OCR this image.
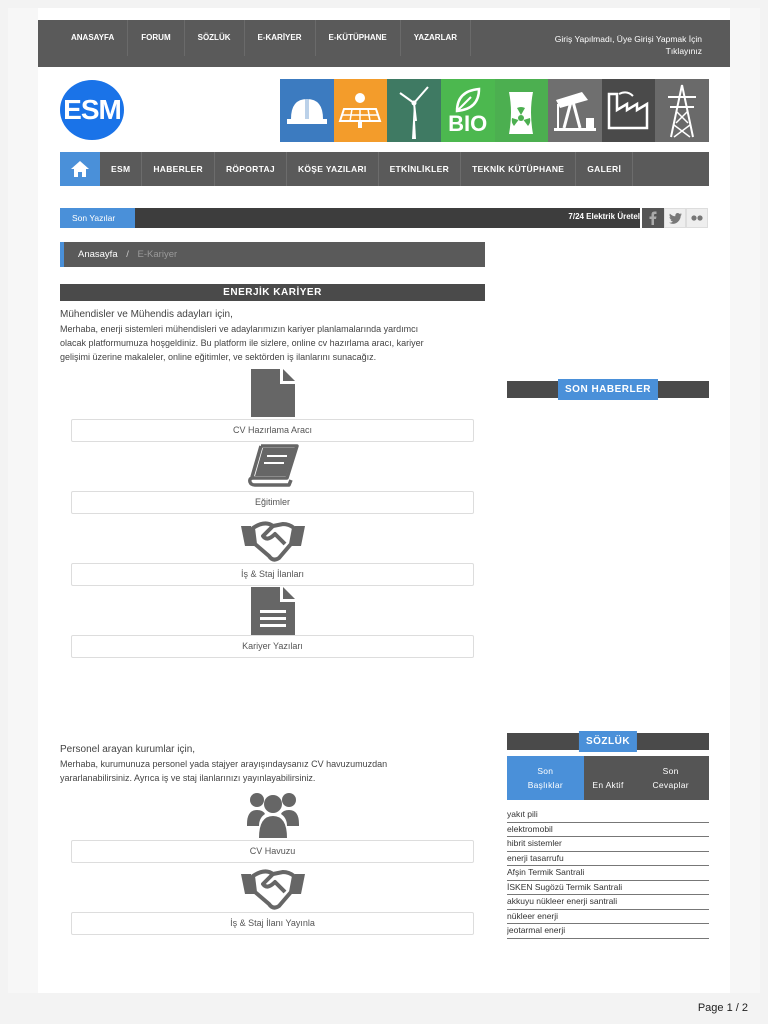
ANASAYFA	FORUM	SÖZLÜK	E-KARİYER	E-KÜTÜPHANE	YAZARLAR	Giriş Yapılmadı, Üye Girişi Yapmak İçin
Tıklayınız
ESM	BIO
ESM	HABERLER	RÖPORTAJ	KÖŞE YAZILARI	ETKİNLİKLER	TEKNİK KÜTÜPHANE	GALERİ
Son Yazılar	7/24 Elektrik Üretel
Anasayfa / E-Kariyer
ENERJİK KARİYER
Mühendisler ve Mühendis adayları için,
Merhaba, enerji sistemleri mühendisleri ve adaylarımızın kariyer planlamalarında yardımcı
olacak platformumuza hoşgeldiniz. Bu platform ile sizlere, online cv hazırlama aracı, kariyer
gelişimi üzerine makaleler, online eğitimler, ve sektörden iş ilanlarını sunacağız.
CV Hazırlama Aracı
Eğitimler
İş & Staj İlanları
Kariyer Yazıları
Personel arayan kurumlar için,
Merhaba, kurumunuza personel yada stajyer arayışındaysanız CV havuzumuzdan
yararlanabilirsiniz. Ayrıca iş ve staj ilanlarınızı yayınlayabilirsiniz.
CV Havuzu
İş & Staj İlanı Yayınla
SON HABERLER
SÖZLÜK
Son Başlıklar	En Aktif
Son Cevaplar
yakıt pili
elektromobil
hibrit sistemler
enerji tasarrufu
Afşin Termik Santrali
İSKEN Sugözü Termik Santrali
akkuyu nükleer enerji santrali
nükleer enerji
jeotarmal enerji
Page 1 / 2
